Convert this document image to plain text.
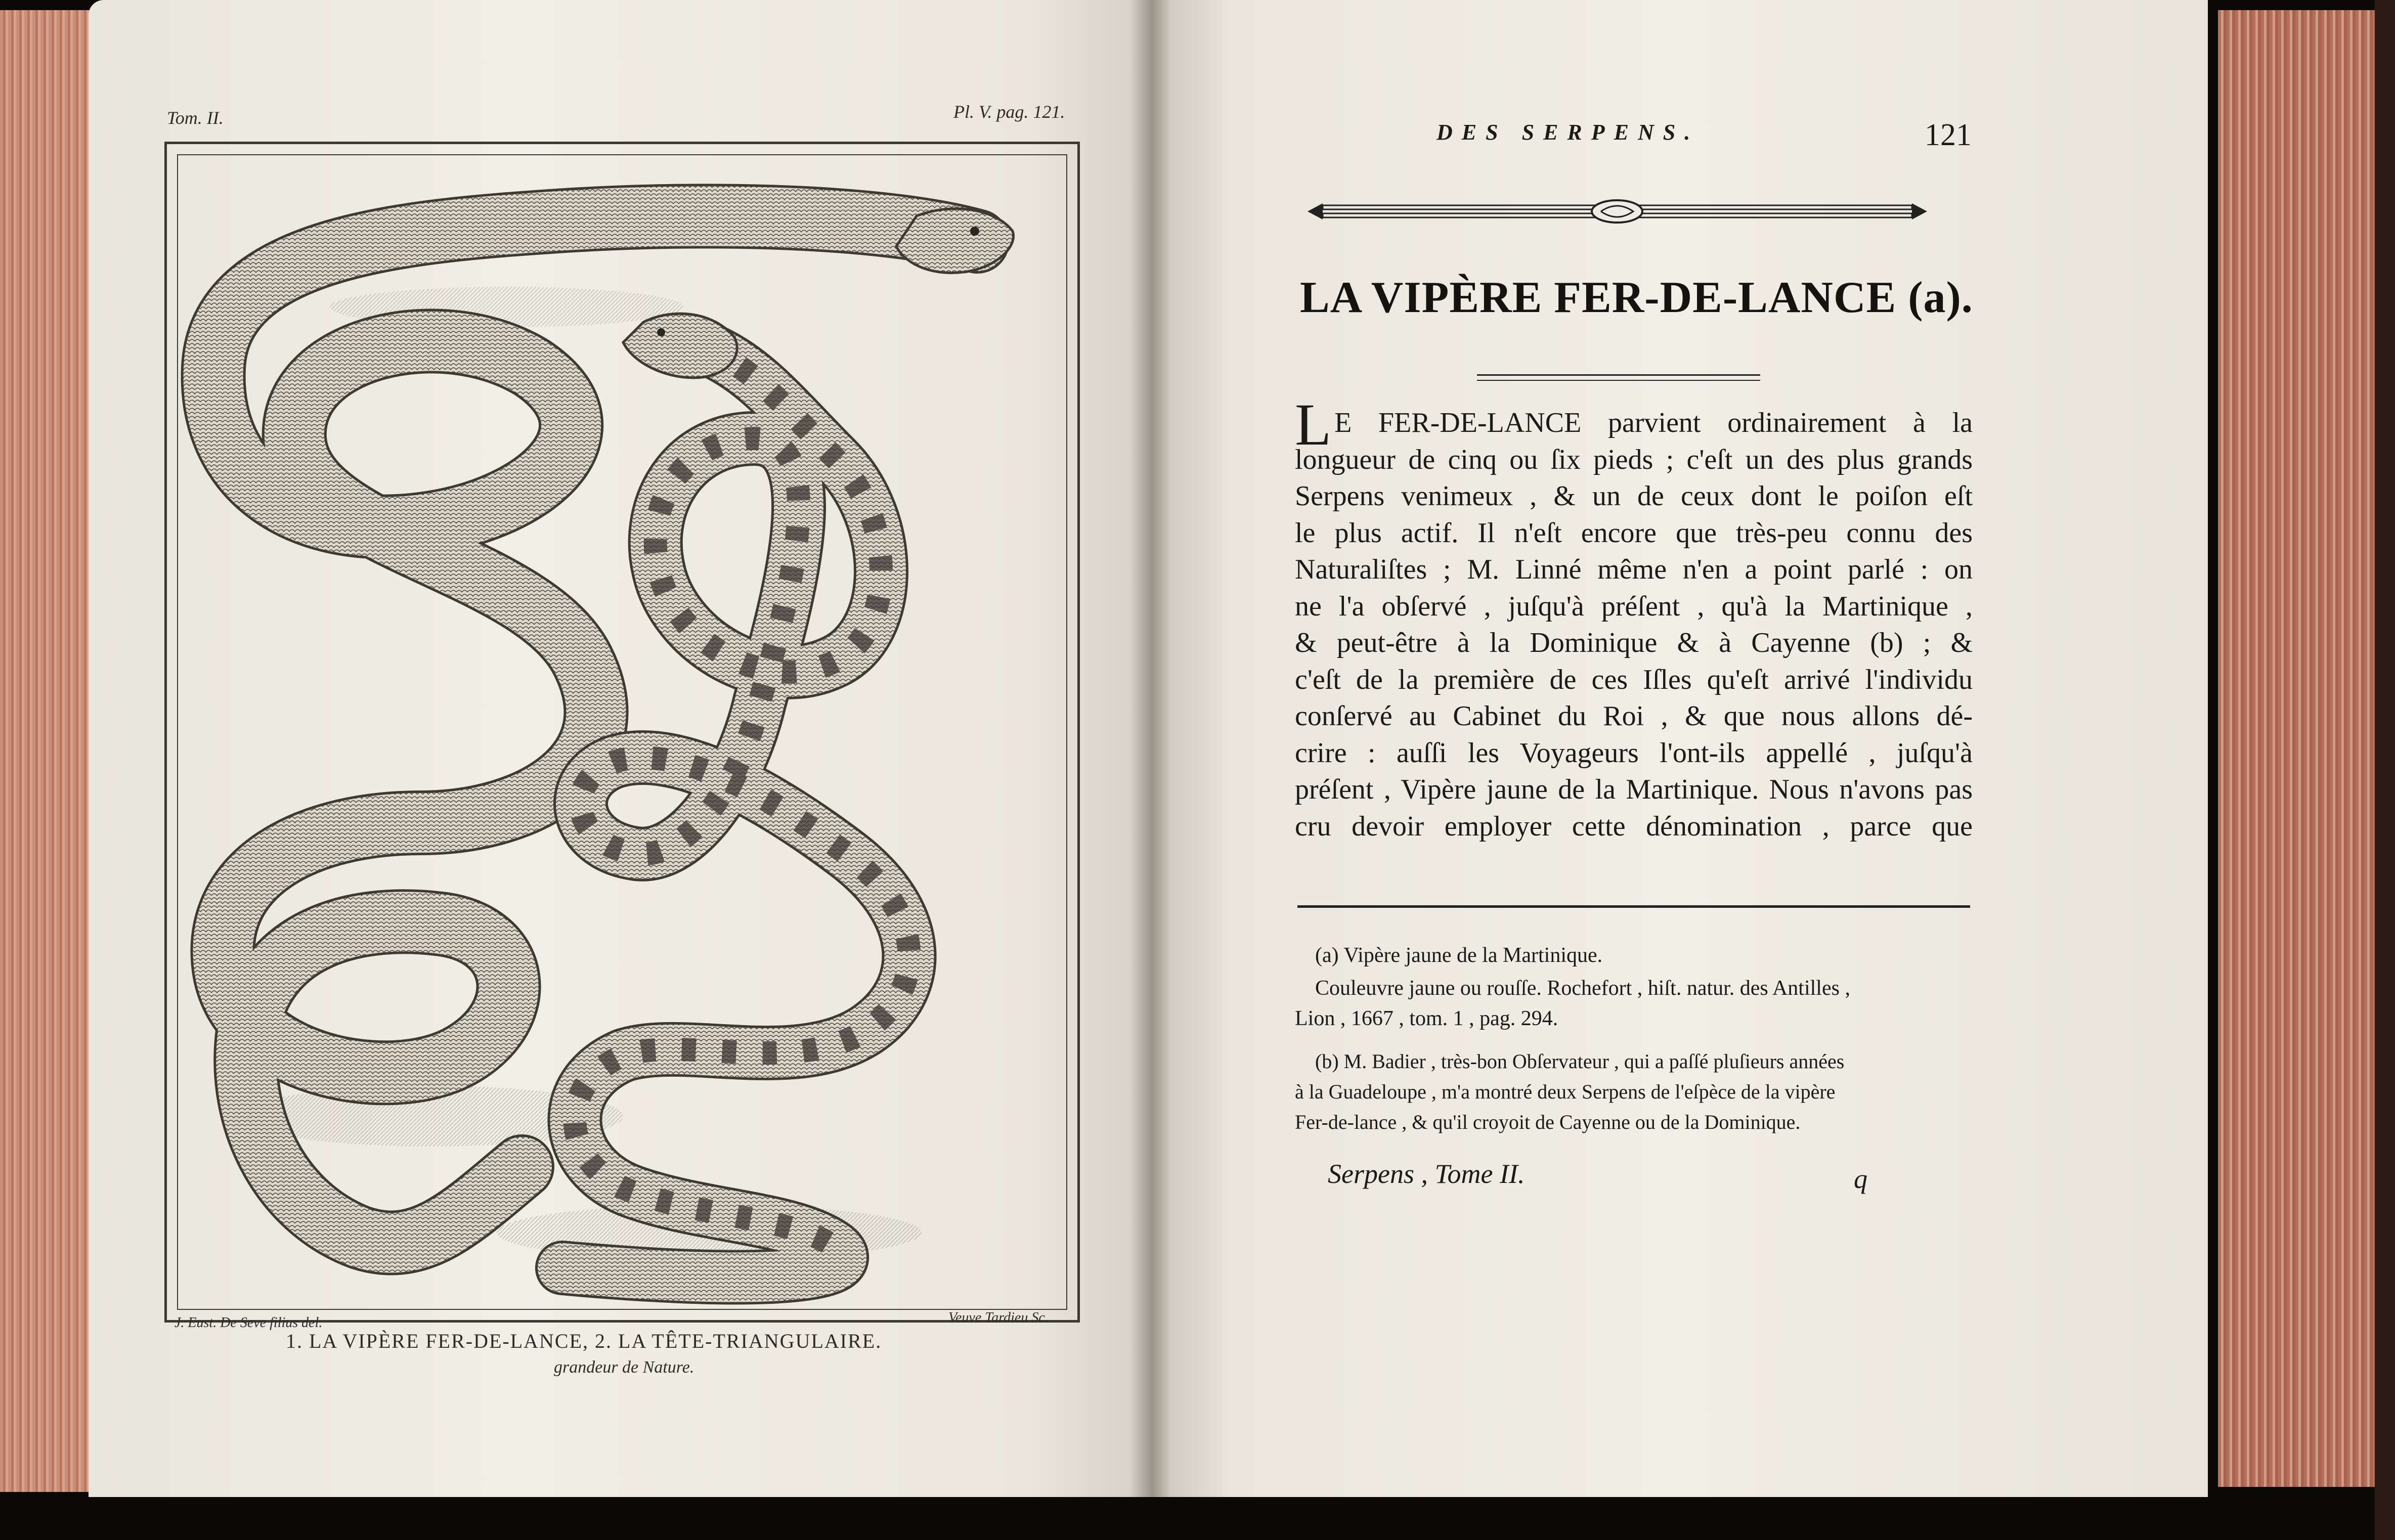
Tom. II.	Pl. V. pag. 121.
J. Eust. De Seve filius del.	Veuve Tardieu Sc.
1. LA VIPÈRE FER-DE-LANCE, 2. LA TÊTE-TRIANGULAIRE.
grandeur de Nature.
DES SERPENS.	121
LA VIPÈRE FER-DE-LANCE (a).
L E FER-DE-LANCE parvient ordinairement à la
longueur de cinq ou ſix pieds ; c'eſt un des plus grands
Serpens venimeux , & un de ceux dont le poiſon eſt
le plus actif. Il n'eſt encore que très-peu connu des
Naturaliſtes ; M. Linné même n'en a point parlé : on
ne l'a obſervé , juſqu'à préſent , qu'à la Martinique ,
& peut-être à la Dominique & à Cayenne (b) ; &
c'eſt de la première de ces Iſles qu'eſt arrivé l'individu
conſervé au Cabinet du Roi , & que nous allons dé-
crire : auſſi les Voyageurs l'ont-ils appellé , juſqu'à
préſent , Vipère jaune de la Martinique. Nous n'avons pas
cru devoir employer cette dénomination , parce que
(a) Vipère jaune de la Martinique.
Couleuvre jaune ou rouſſe. Rochefort , hiſt. natur. des Antilles ,
Lion , 1667 , tom. 1 , pag. 294.
(b) M. Badier , très-bon Obſervateur , qui a paſſé pluſieurs années
à la Guadeloupe , m'a montré deux Serpens de l'eſpèce de la vipère
Fer-de-lance , & qu'il croyoit de Cayenne ou de la Dominique.
Serpens , Tome II.	q
